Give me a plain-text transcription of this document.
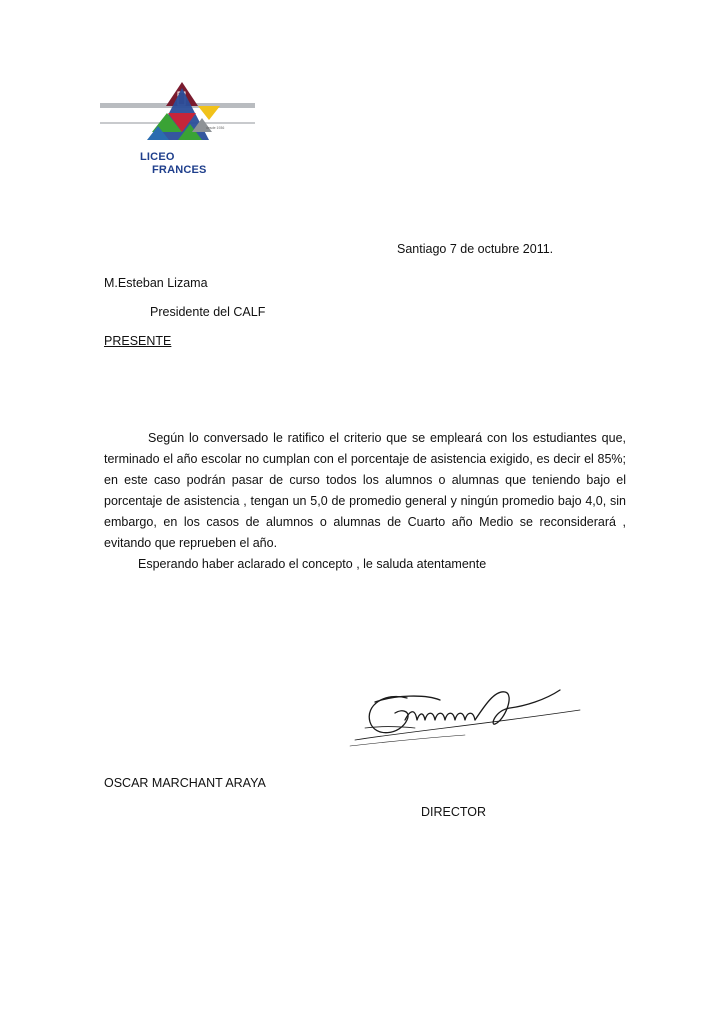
desde 1936
LICEO
FRANCES
Santiago 7 de octubre 2011.
M.Esteban Lizama
Presidente del CALF
PRESENTE

Según lo conversado le ratifico el criterio que se empleará con los estudiantes que, terminado el año escolar no cumplan con el porcentaje de asistencia exigido, es decir el 85%; en este caso podrán pasar de curso todos los alumnos o alumnas que teniendo bajo el porcentaje de asistencia , tengan un 5,0 de promedio general y ningún promedio bajo 4,0, sin embargo, en los casos de alumnos o alumnas de Cuarto año Medio se reconsiderará , evitando que reprueben el año.

Esperando haber aclarado el concepto , le saluda atentamente
OSCAR MARCHANT ARAYA
DIRECTOR
